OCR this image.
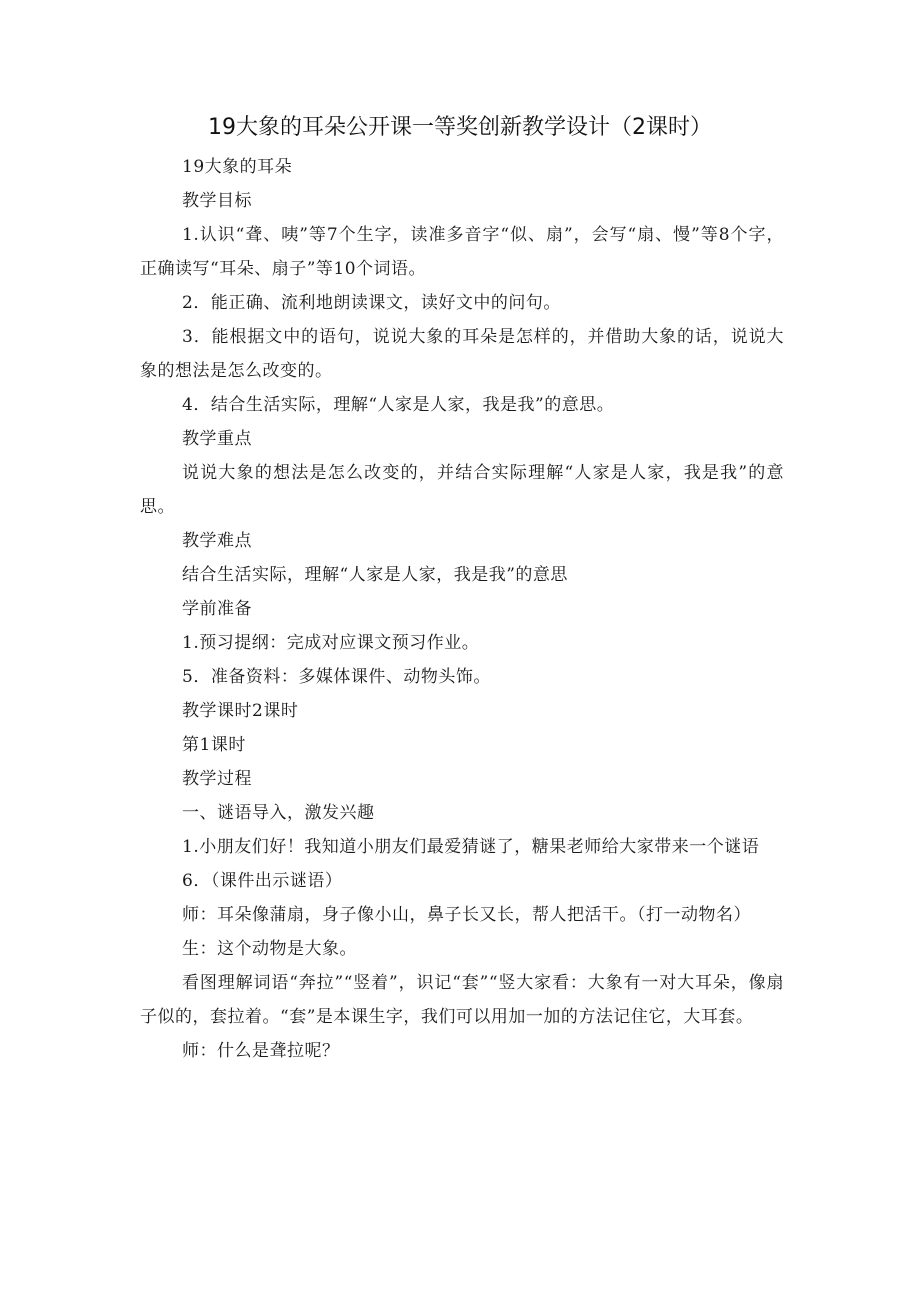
19大象的耳朵公开课一等奖创新教学设计（2课时）

19大象的耳朵

教学目标

1.认识“聋、咦”等7个生字，读准多音字“似、扇”，会写“扇、慢”等8个字，正确读写“耳朵、扇子”等10个词语。

2．能正确、流利地朗读课文，读好文中的问句。

3．能根据文中的语句，说说大象的耳朵是怎样的，并借助大象的话，说说大象的想法是怎么改变的。

4．结合生活实际，理解“人家是人家，我是我”的意思。

教学重点

说说大象的想法是怎么改变的，并结合实际理解“人家是人家，我是我”的意思。

教学难点

结合生活实际，理解“人家是人家，我是我”的意思

学前准备

1.预习提纲：完成对应课文预习作业。

5．准备资料：多媒体课件、动物头饰。

教学课时2课时

第1课时

教学过程

一、谜语导入，激发兴趣

1.小朋友们好！我知道小朋友们最爱猜谜了，糖果老师给大家带来一个谜语

6．（课件出示谜语）

师：耳朵像蒲扇，身子像小山，鼻子长又长，帮人把活干。（打一动物名）

生：这个动物是大象。

看图理解词语“奔拉”“竖着”，识记“套”“竖大家看：大象有一对大耳朵，像扇子似的，套拉着。“套”是本课生字，我们可以用加一加的方法记住它，大耳套。

师：什么是聋拉呢？
